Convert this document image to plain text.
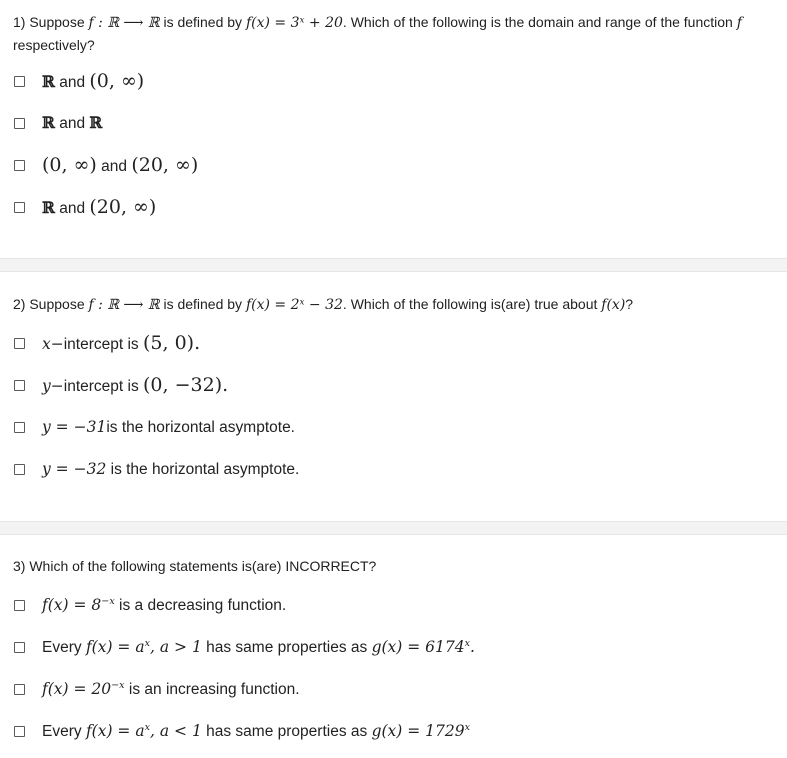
1) Suppose f : ℝ ⟶ ℝ is defined by f(x) = 3ˣ + 20. Which of the following is the domain and range of the function f
respectively?
ℝ and (0, ∞)
ℝ and ℝ
(0, ∞) and (20, ∞)
ℝ and (20, ∞)
2) Suppose f : ℝ ⟶ ℝ is defined by f(x) = 2ˣ − 32. Which of the following is(are) true about f(x)?
x−intercept is (5, 0).
y−intercept is (0, −32).
y = −31is the horizontal asymptote.
y = −32 is the horizontal asymptote.
3) Which of the following statements is(are) INCORRECT?
$f(x) = 8^{-x}$ is a decreasing function.
Every $f(x) = a^x$, a > 1 has same properties as $g(x) = 6174^x$.
$f(x) = 20^{-x}$ is an increasing function.
Every $f(x) = a^x$, a < 1 has same properties as $g(x) = 1729^x$
